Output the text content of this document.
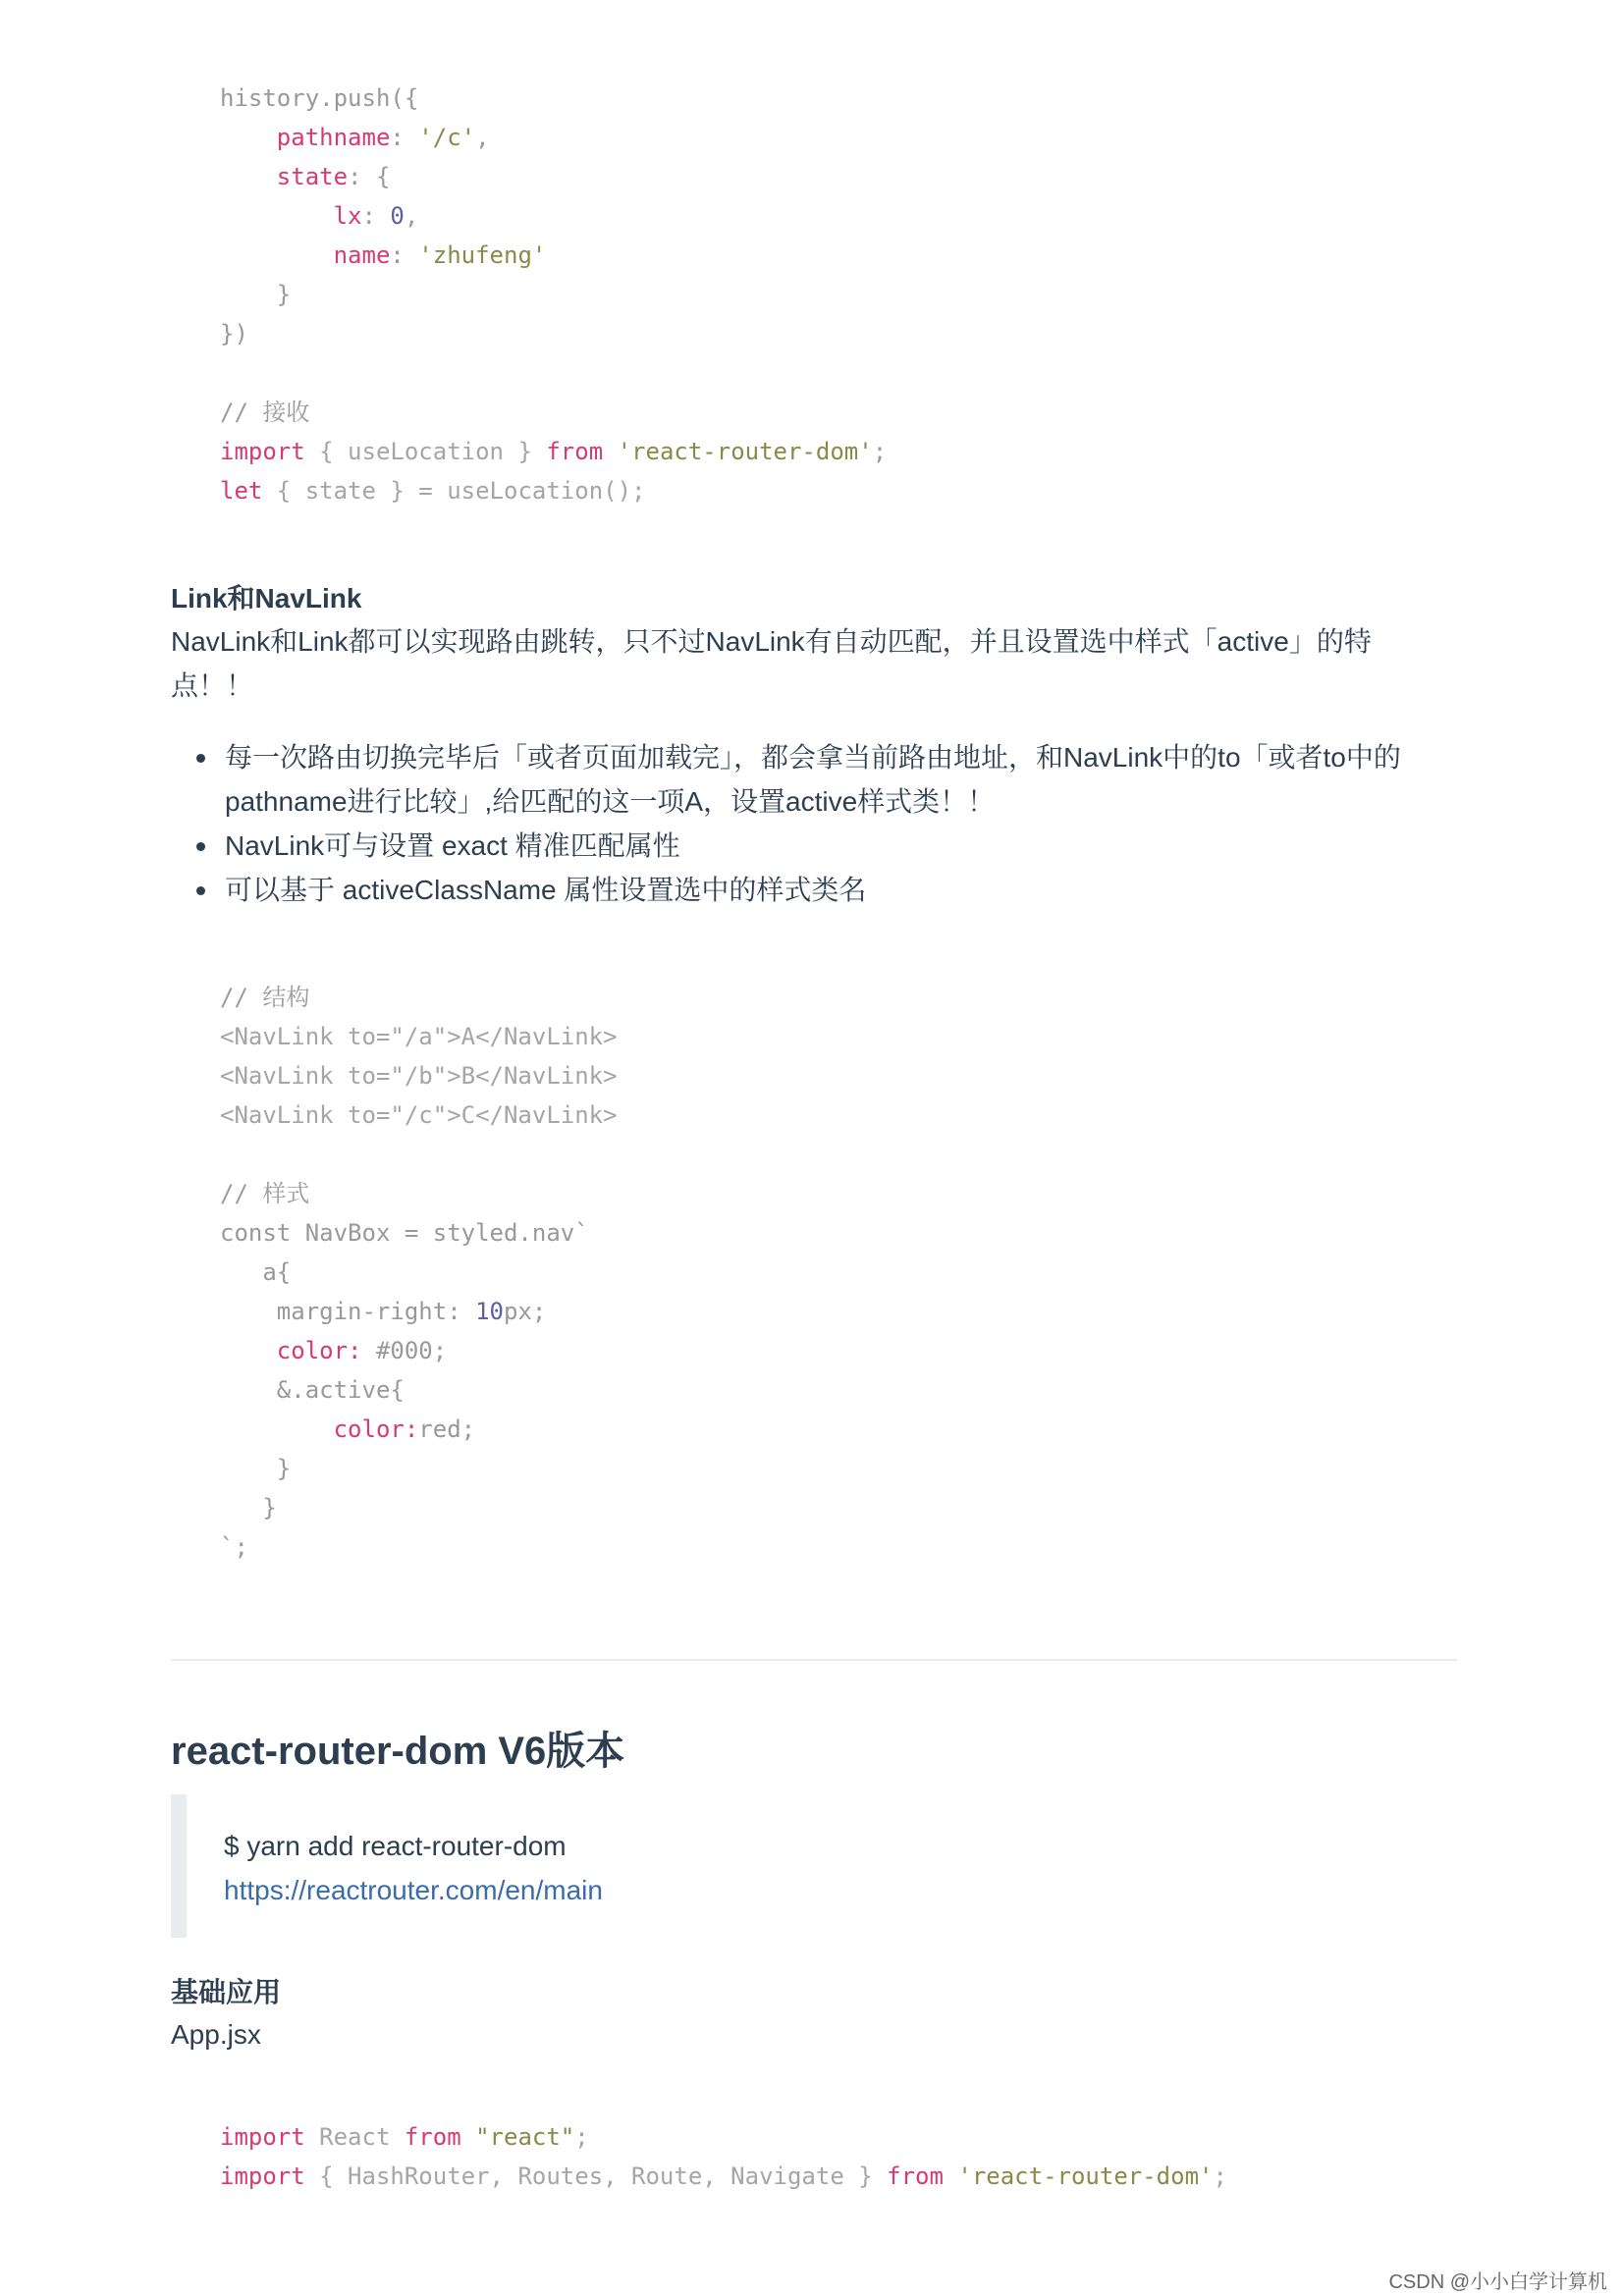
history.push({

pathname: '/c',

state: {

lx: 0,

name: 'zhufeng'

}

})

// 接收

import { useLocation } from 'react-router-dom';

let { state } = useLocation();

Link和NavLink
NavLink和Link都可以实现路由跳转，只不过NavLink有自动匹配，并且设置选中样式「active」的特点！！
每一次路由切换完毕后「或者页面加载完」，都会拿当前路由地址，和NavLink中的to「或者to中的pathname进行比较」,给匹配的这一项A，设置active样式类！！
NavLink可与设置 exact 精准匹配属性
可以基于 activeClassName 属性设置选中的样式类名

// 结构

<NavLink to="/a">A</NavLink>

<NavLink to="/b">B</NavLink>

<NavLink to="/c">C</NavLink>

// 样式

const NavBox = styled.nav`

a{

margin-right: 10px;

color: #000;

&.active{

color:red;

}

}

`;

react-router-dom V6版本
$ yarn add react-router-dom
https://reactrouter.com/en/main
基础应用
App.jsx

import React from "react";

import { HashRouter, Routes, Route, Navigate } from 'react-router-dom';

CSDN @小小白学计算机
